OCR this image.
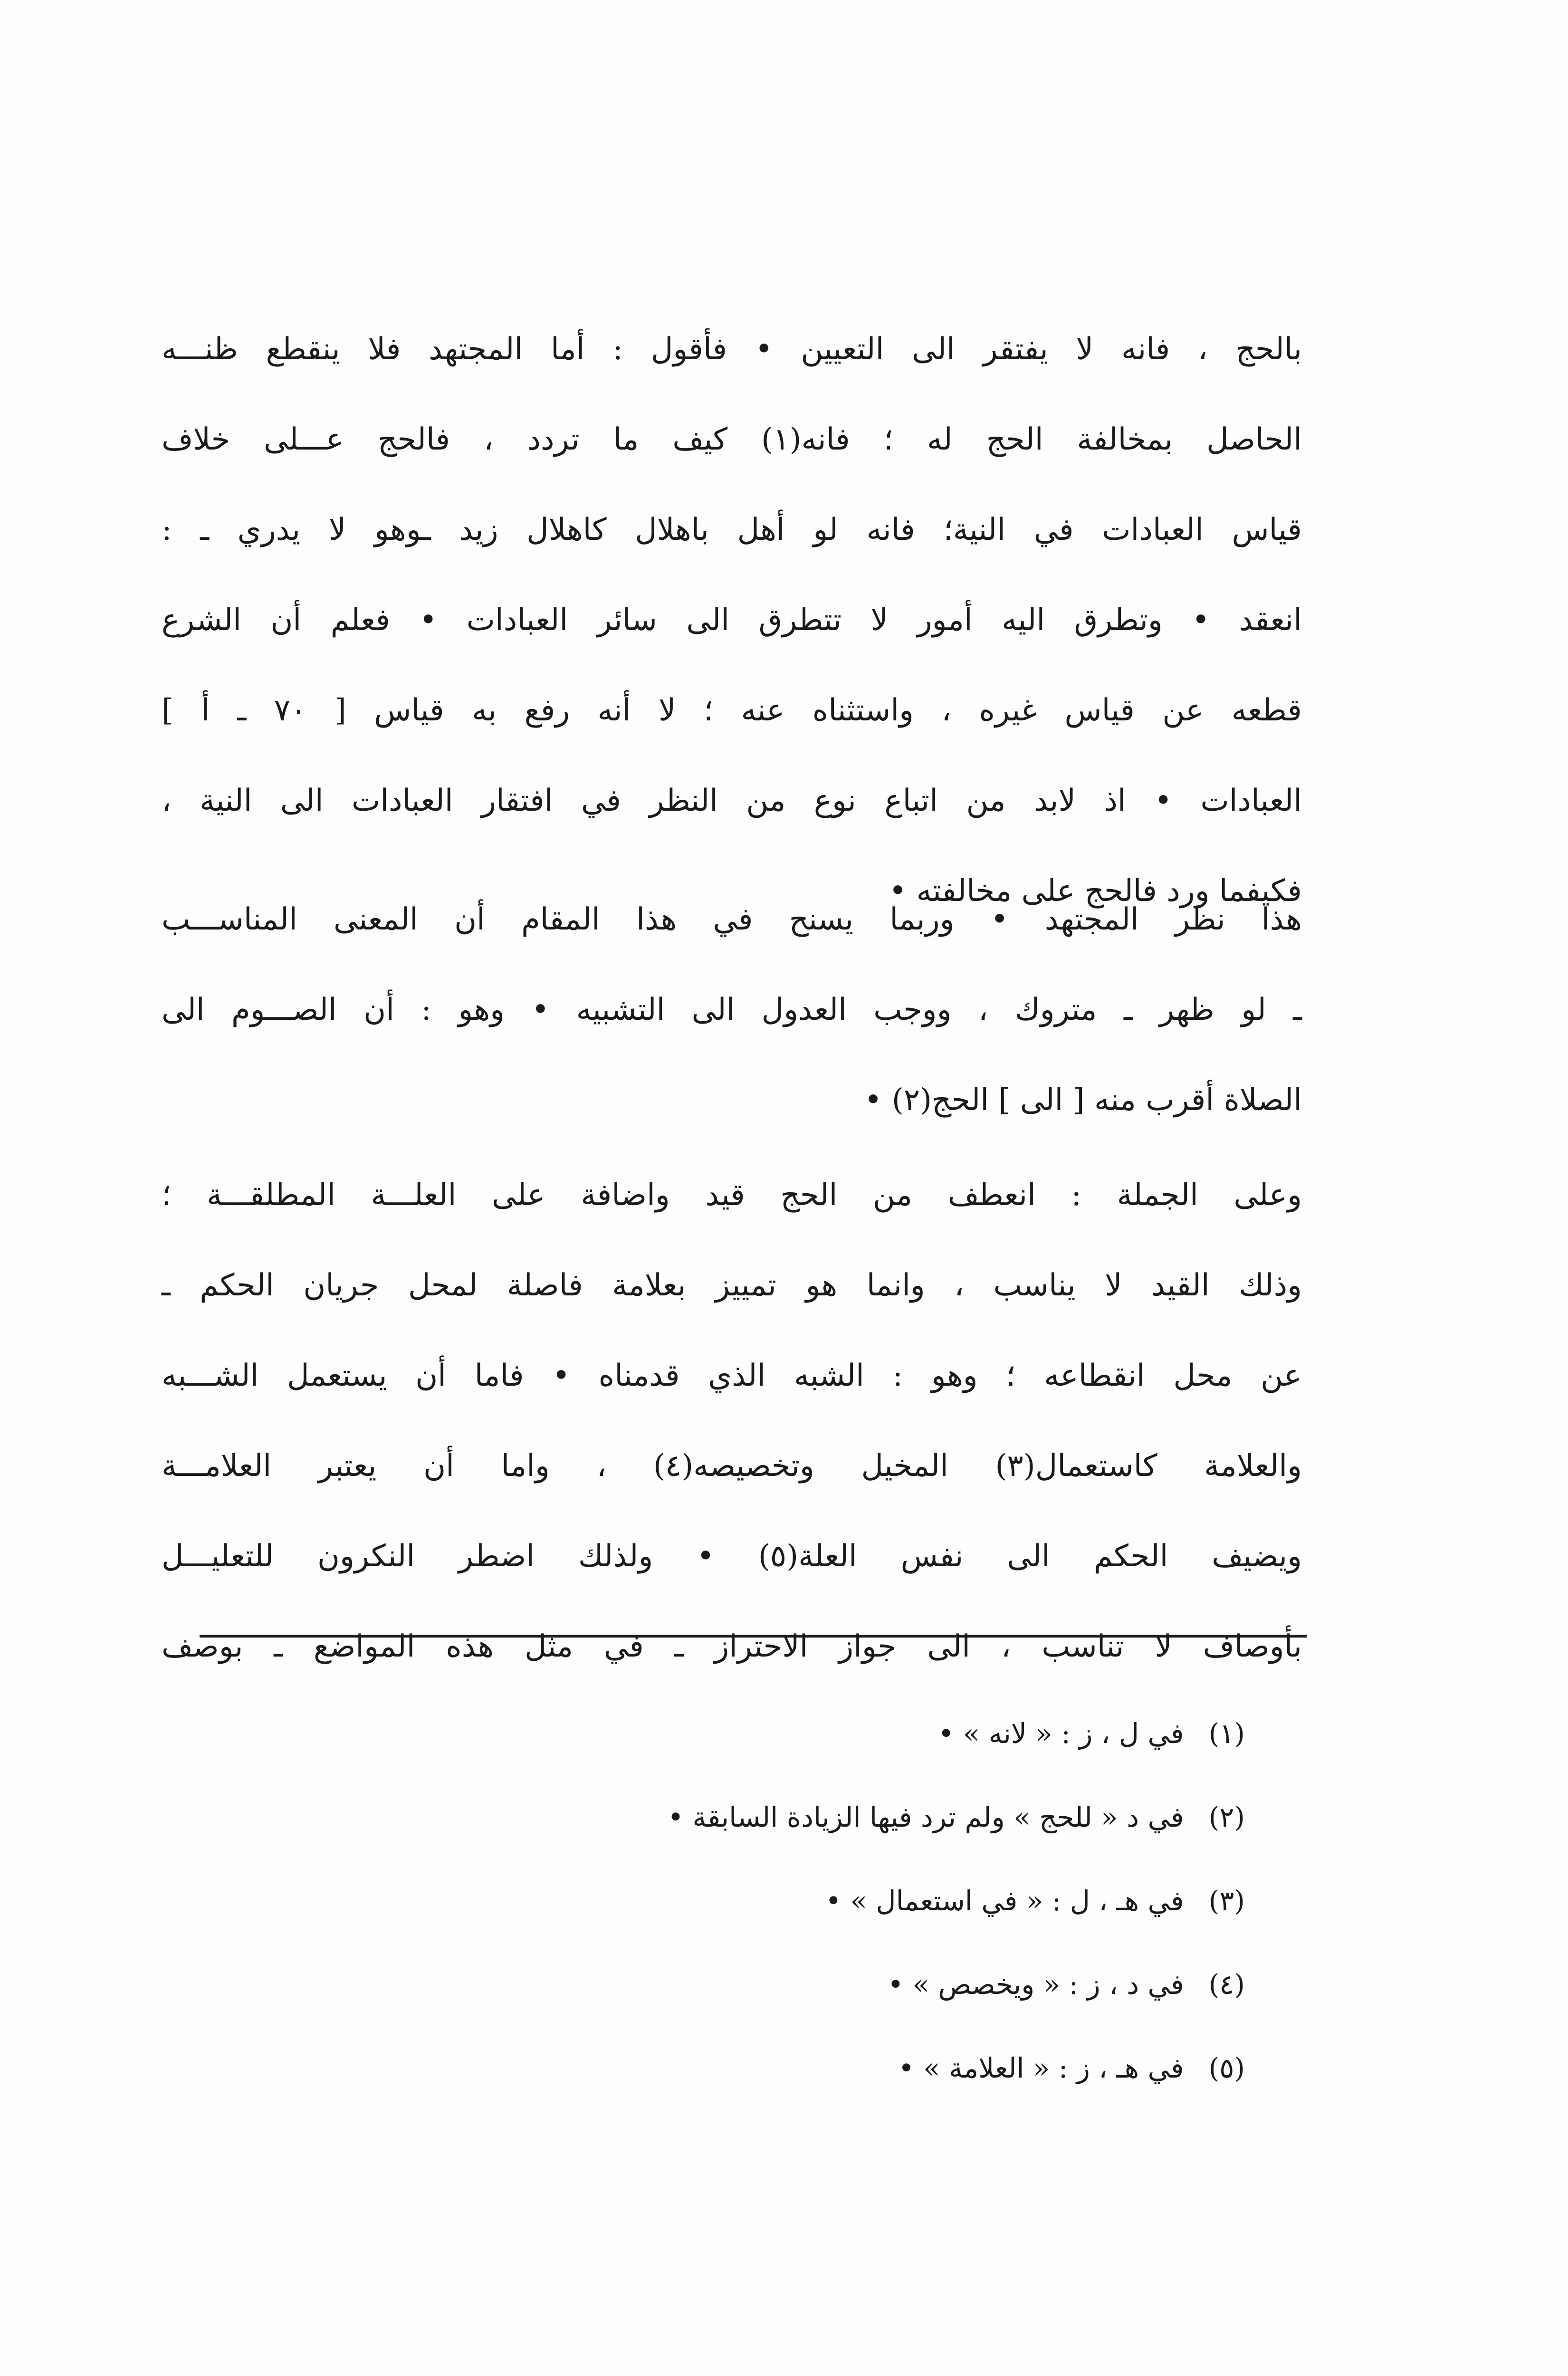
بالحج ، فانه لا يفتقر الى التعيين • فأقول : أما المجتهد فلا ينقطع ظنـــه
الحاصل بمخالفة الحج له ؛ فانه(١) كيف ما تردد ، فالحج عـــلى خلاف
قياس العبادات في النية؛ فانه لو أهل باهلال كاهلال زيد ـوهو لا يدري ـ :
انعقد • وتطرق اليه أمور لا تتطرق الى سائر العبادات • فعلم أن الشرع
قطعه عن قياس غيره ، واستثناه عنه ؛ لا أنه رفع به قياس [ ٧٠ ـ أ ]
العبادات • اذ لابد من اتباع نوع من النظر في افتقار العبادات الى النية ،
فكيفما ورد فالحج على مخالفته •
هذا نظر المجتهد • وربما يسنح في هذا المقام أن المعنى المناســـب
ـ لو ظهر ـ متروك ، ووجب العدول الى التشبيه • وهو : أن الصـــوم الى
الصلاة أقرب منه [ الى ] الحج(٢) •
وعلى الجملة : انعطف من الحج قيد واضافة على العلـــة المطلقـــة ؛
وذلك القيد لا يناسب ، وانما هو تمييز بعلامة فاصلة لمحل جريان الحكم ـ
عن محل انقطاعه ؛ وهو : الشبه الذي قدمناه • فاما أن يستعمل الشـــبه
والعلامة كاستعمال(٣) المخيل وتخصيصه(٤) ، واما أن يعتبر العلامـــة
ويضيف الحكم الى نفس العلة(٥) • ولذلك اضطر النكرون للتعليـــل
بأوصاف لا تناسب ، الى جواز الاحتراز ـ في مثل هذه المواضع ـ بوصف
(١) في ل ، ز : « لانه » •
(٢) في د « للحج » ولم ترد فيها الزيادة السابقة •
(٣) في هـ ، ل : « في استعمال » •
(٤) في د ، ز : « ويخصص » •
(٥) في هـ ، ز : « العلامة » •
